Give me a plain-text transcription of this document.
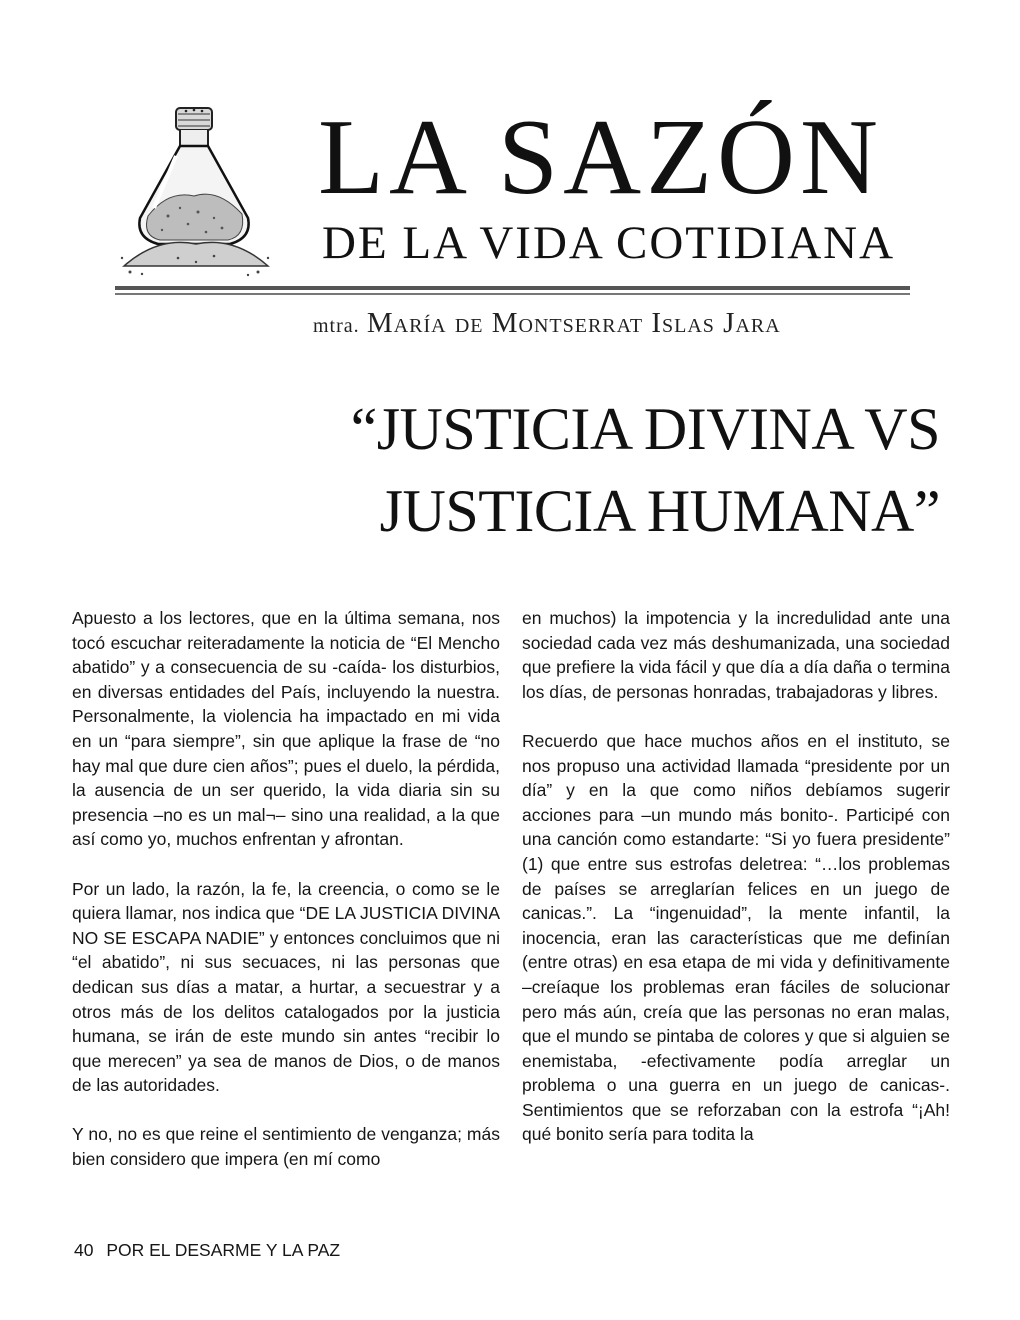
LA SAZÓN
DE LA VIDA COTIDIANA
mtra. María de Montserrat Islas Jara
“JUSTICIA DIVINA VS
JUSTICIA HUMANA”

Apuesto a los lectores, que en la última semana, nos tocó escuchar reiteradamente la noticia de “El Mencho abatido” y a consecuencia de su -caída- los disturbios, en diversas entidades del País, incluyendo la nuestra. Personalmente, la violencia ha impactado en mi vida en un “para siempre”, sin que aplique la frase de “no hay mal que dure cien años”; pues el duelo, la pérdida, la ausencia de un ser querido, la vida diaria sin su presencia –no es un mal¬– sino una realidad, a la que así como yo, muchos enfrentan y afrontan.

Por un lado, la razón, la fe, la creencia, o como se le quiera llamar, nos indica que “DE LA JUSTICIA DIVINA NO SE ESCAPA NADIE” y entonces concluimos que ni “el abatido”, ni sus secuaces, ni las personas que dedican sus días a matar, a hurtar, a secuestrar y a otros más de los delitos catalogados por la justicia humana, se irán de este mundo sin antes “recibir lo que merecen” ya sea de manos de Dios, o de manos de las autoridades.

Y no, no es que reine el sentimiento de venganza; más bien considero que impera (en mí como

en muchos) la impotencia y la incredulidad ante una sociedad cada vez más deshumanizada, una sociedad que prefiere la vida fácil y que día a día daña o termina los días, de personas honradas, trabajadoras y libres.

Recuerdo que hace muchos años en el instituto, se nos propuso una actividad llamada “presidente por un día” y en la que como niños debíamos sugerir acciones para –un mundo más bonito-. Participé con una canción como estandarte: “Si yo fuera presidente” (1) que entre sus estrofas deletrea: “…los problemas de países se arreglarían felices en un juego de canicas.”. La “ingenuidad”, la mente infantil, la inocencia, eran las características que me definían (entre otras) en esa etapa de mi vida y definitivamente –creíaque los problemas eran fáciles de solucionar pero más aún, creía que las personas no eran malas, que el mundo se pintaba de colores y que si alguien se enemistaba, -efectivamente podía arreglar un problema o una guerra en un juego de canicas-. Sentimientos que se reforzaban con la estrofa “¡Ah! qué bonito sería para todita la

40 POR EL DESARME Y LA PAZ
